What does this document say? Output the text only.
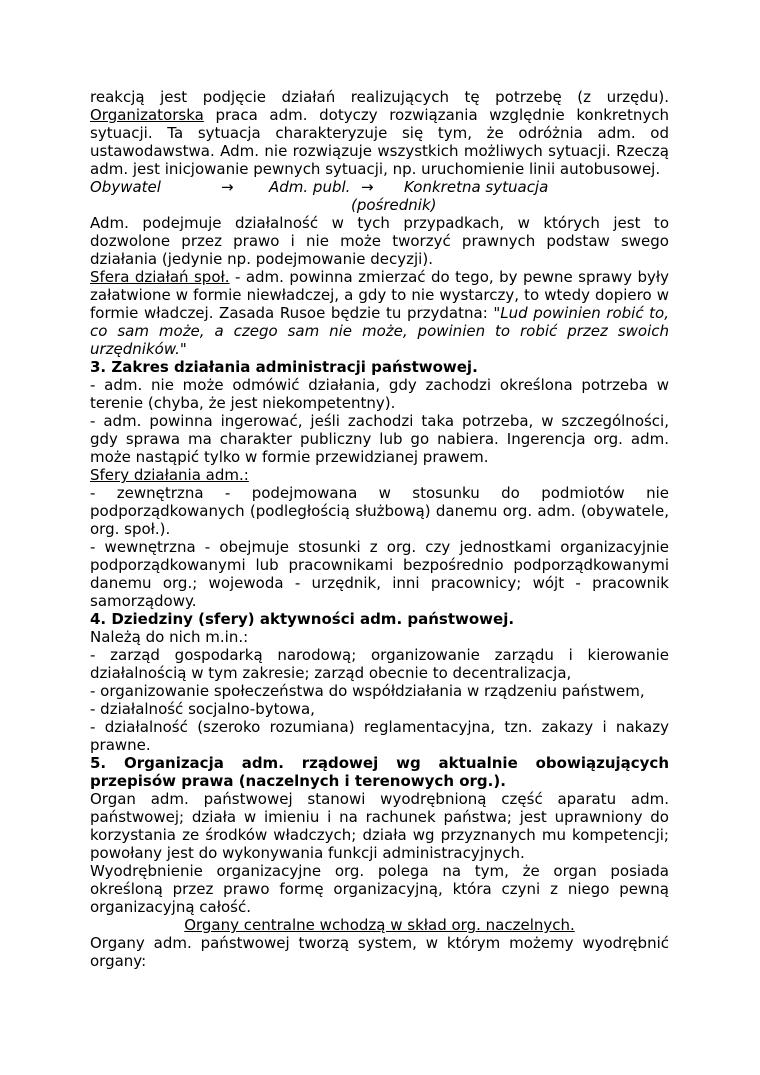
reakcją jest podjęcie działań realizujących tę potrzebę (z urzędu). Organizatorska praca adm. dotyczy rozwiązania względnie konkretnych sytuacji. Ta sytuacja charakteryzuje się tym, że odróżnia adm. od ustawodawstwa. Adm. nie rozwiązuje wszystkich możliwych sytuacji. Rzeczą adm. jest inicjowanie pewnych sytuacji, np. uruchomienie linii autobusowej.

Obywatel	→	Adm. publ. →	Konkretna sytuacja
(pośrednik)

Adm. podejmuje działalność w tych przypadkach, w których jest to dozwolone przez prawo i nie może tworzyć prawnych podstaw swego działania (jedynie np. podejmowanie decyzji).

Sfera działań społ. - adm. powinna zmierzać do tego, by pewne sprawy były załatwione w formie niewładczej, a gdy to nie wystarczy, to wtedy dopiero w formie władczej. Zasada Rusoe będzie tu przydatna: "Lud powinien robić to, co sam może, a czego sam nie może, powinien to robić przez swoich urzędników."

3. Zakres działania administracji państwowej.

- adm. nie może odmówić działania, gdy zachodzi określona potrzeba w terenie (chyba, że jest niekompetentny).

- adm. powinna ingerować, jeśli zachodzi taka potrzeba, w szczególności, gdy sprawa ma charakter publiczny lub go nabiera. Ingerencja org. adm. może nastąpić tylko w formie przewidzianej prawem.

Sfery działania adm.:

- zewnętrzna - podejmowana w stosunku do podmiotów nie podporządkowanych (podległością służbową) danemu org. adm. (obywatele, org. społ.).

- wewnętrzna - obejmuje stosunki z org. czy jednostkami organizacyjnie podporządkowanymi lub pracownikami bezpośrednio podporządkowanymi danemu org.; wojewoda - urzędnik, inni pracownicy; wójt - pracownik samorządowy.

4. Dziedziny (sfery) aktywności adm. państwowej.
Należą do nich m.in.:

- zarząd gospodarką narodową; organizowanie zarządu i kierowanie działalnością w tym zakresie; zarząd obecnie to decentralizacja,

- organizowanie społeczeństwa do współdziałania w rządzeniu państwem,

- działalność socjalno-bytowa,

- działalność (szeroko rozumiana) reglamentacyjna, tzn. zakazy i nakazy prawne.

5. Organizacja adm. rządowej wg aktualnie obowiązujących przepisów prawa (naczelnych i terenowych org.).

Organ adm. państwowej stanowi wyodrębnioną część aparatu adm. państwowej; działa w imieniu i na rachunek państwa; jest uprawniony do korzystania ze środków władczych; działa wg przyznanych mu kompetencji; powołany jest do wykonywania funkcji administracyjnych.

Wyodrębnienie organizacyjne org. polega na tym, że organ posiada określoną przez prawo formę organizacyjną, która czyni z niego pewną organizacyjną całość.

Organy centralne wchodzą w skład org. naczelnych.

Organy adm. państwowej tworzą system, w którym możemy wyodrębnić organy:
